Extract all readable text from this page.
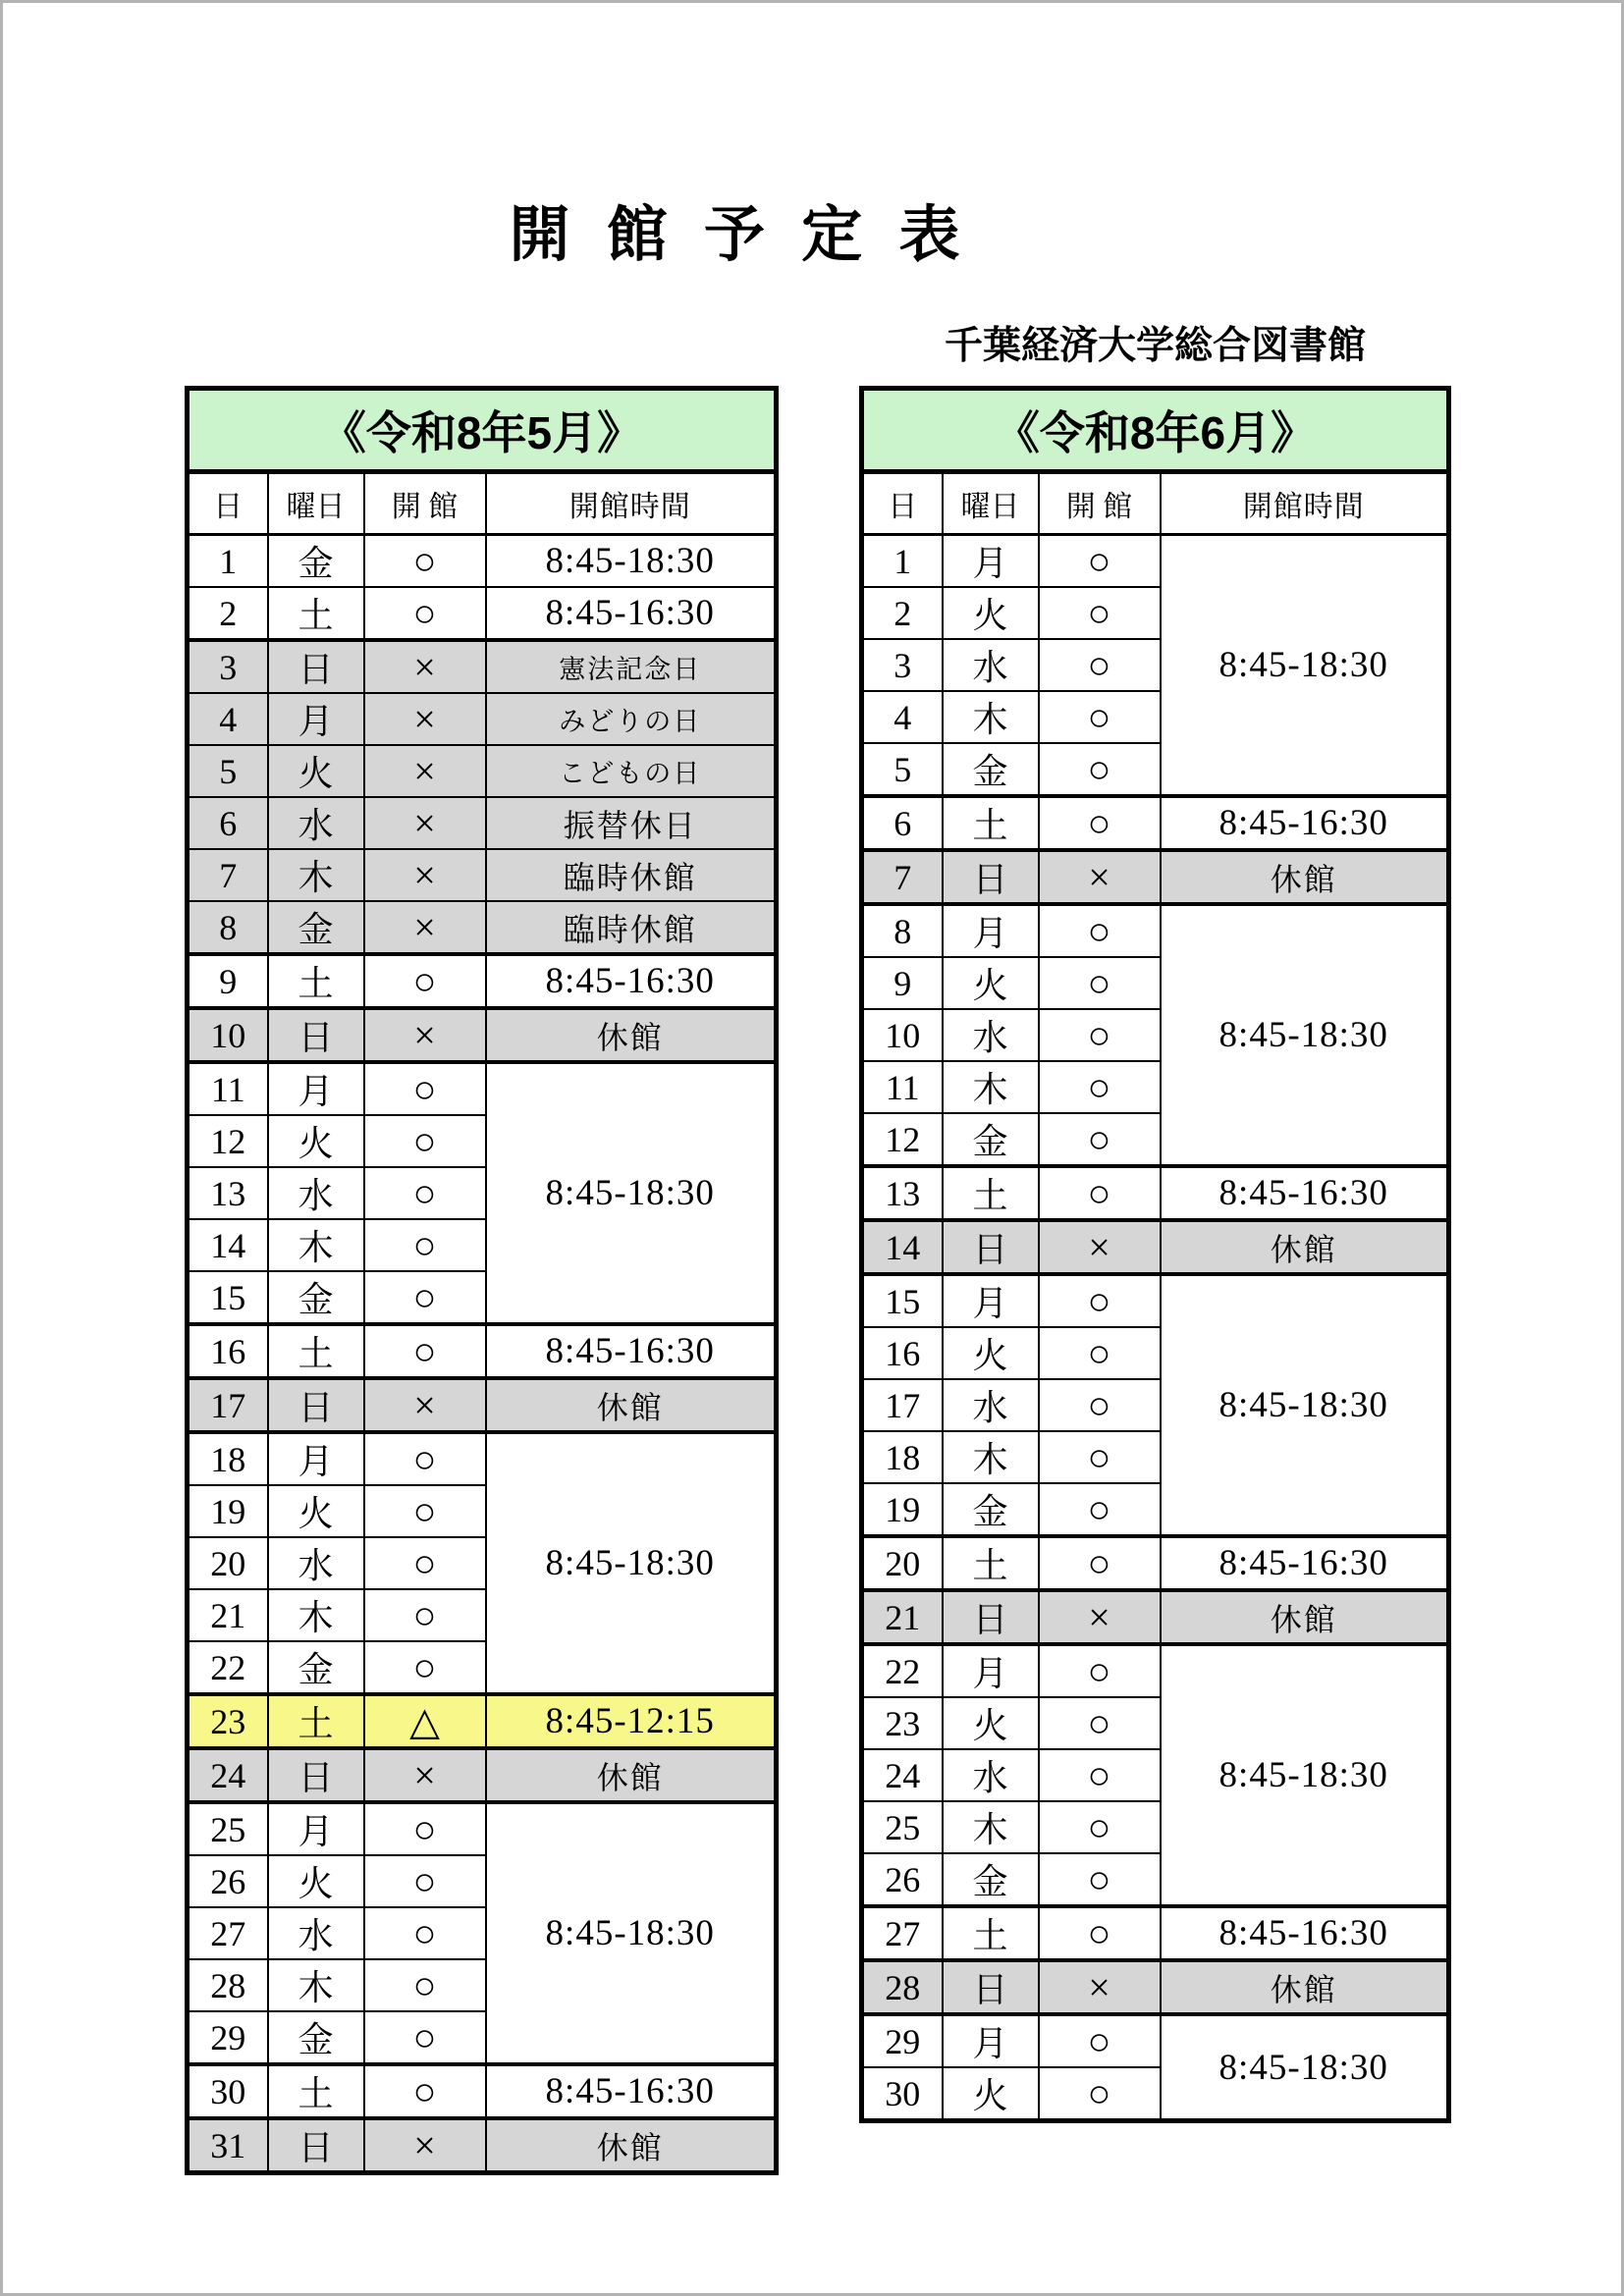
開 館 予 定 表
千葉経済大学総合図書館
《令和8年5月》			
日	曜日	開 館	開館時間
1	金	○	8:45-18:30
2	土	○	8:45-16:30
3	日	×	憲法記念日
4	月	×	みどりの日
5	火	×	こどもの日
6	水	×	振替休日
7	木	×	臨時休館
8	金	×	臨時休館
9	土	○	8:45-16:30
10	日	×	休館
11	月	○	8:45-18:30
12	火	○	
13	水	○	
14	木	○	
15	金	○	
16	土	○	8:45-16:30
17	日	×	休館
18	月	○	8:45-18:30
19	火	○	
20	水	○	
21	木	○	
22	金	○	
23	土	△	8:45-12:15
24	日	×	休館
25	月	○	8:45-18:30
26	火	○	
27	水	○	
28	木	○	
29	金	○	
30	土	○	8:45-16:30
31	日	×	休館
《令和8年6月》			
日	曜日	開 館	開館時間
1	月	○	8:45-18:30
2	火	○	
3	水	○	
4	木	○	
5	金	○	
6	土	○	8:45-16:30
7	日	×	休館
8	月	○	8:45-18:30
9	火	○	
10	水	○	
11	木	○	
12	金	○	
13	土	○	8:45-16:30
14	日	×	休館
15	月	○	8:45-18:30
16	火	○	
17	水	○	
18	木	○	
19	金	○	
20	土	○	8:45-16:30
21	日	×	休館
22	月	○	8:45-18:30
23	火	○	
24	水	○	
25	木	○	
26	金	○	
27	土	○	8:45-16:30
28	日	×	休館
29	月	○	8:45-18:30
30	火	○	
